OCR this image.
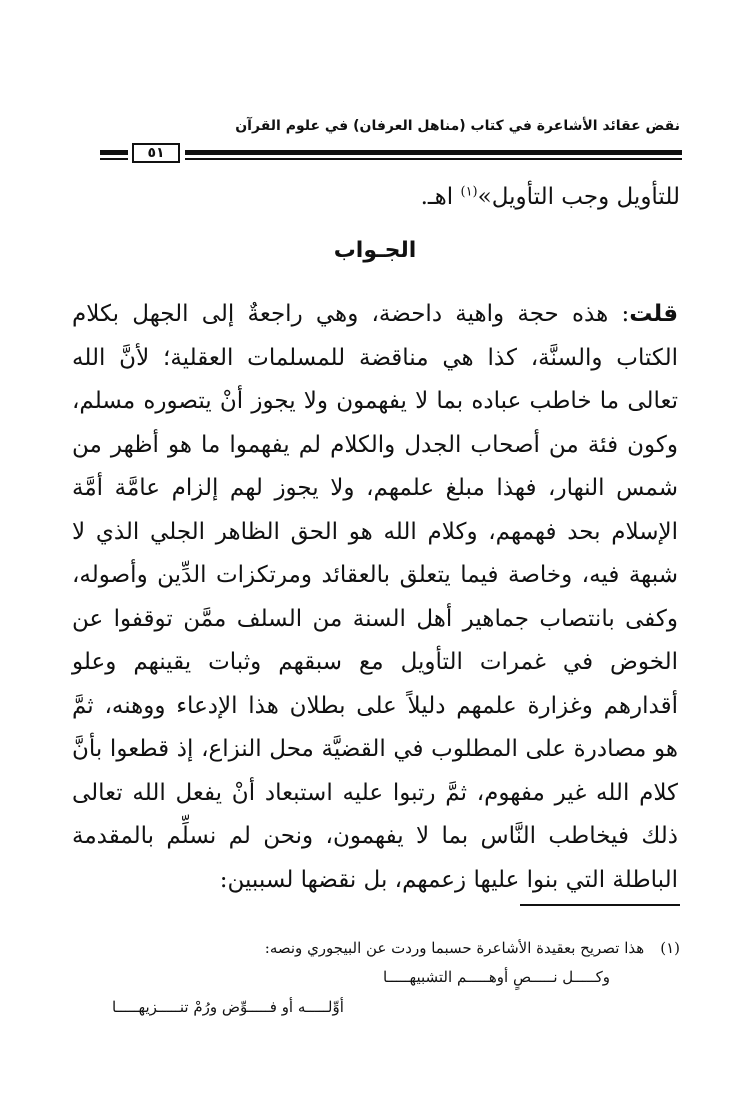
نقض عقائد الأشاعرة في كتاب (مناهل العرفان) في علوم القرآن
٥١
للتأويل وجب التأويل»$^{(١)}$ اهـ.
الجـواب
قلت: هذه حجة واهية داحضة، وهي راجعةٌ إلى الجهل بكلام الكتاب والسنَّة، كذا هي مناقضة للمسلمات العقلية؛ لأنَّ الله تعالى ما خاطب عباده بما لا يفهمون ولا يجوز أنْ يتصوره مسلم، وكون فئة من أصحاب الجدل والكلام لم يفهموا ما هو أظهر من شمس النهار، فهذا مبلغ علمهم، ولا يجوز لهم إلزام عامَّة أمَّة الإسلام بحد فهمهم، وكلام الله هو الحق الظاهر الجلي الذي لا شبهة فيه، وخاصة فيما يتعلق بالعقائد ومرتكزات الدِّين وأصوله، وكفى بانتصاب جماهير أهل السنة من السلف ممَّن توقفوا عن الخوض في غمرات التأويل مع سبقهم وثبات يقينهم وعلو أقدارهم وغزارة علمهم دليلاً على بطلان هذا الإدعاء ووهنه، ثمَّ هو مصادرة على المطلوب في القضيَّة محل النزاع، إذ قطعوا بأنَّ كلام الله غير مفهوم، ثمَّ رتبوا عليه استبعاد أنْ يفعل الله تعالى ذلك فيخاطب النَّاس بما لا يفهمون، ونحن لم نسلِّم بالمقدمة الباطلة التي بنوا عليها زعمهم، بل نقضها لسببين:
(١)هذا تصريح بعقيدة الأشاعرة حسبما وردت عن البيجوري ونصه:
وكـــــل نـــــصٍ أوهـــــم التشبيهـــــا
أوِّلـــــه أو فـــــوِّض ورُمْ تنـــــزيهـــــا
